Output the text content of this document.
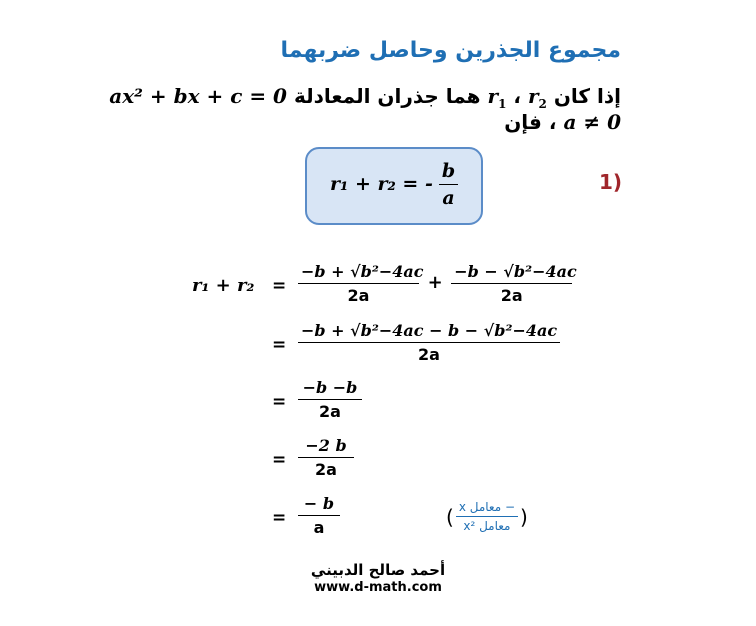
مجموع الجذرين وحاصل ضربهما
إذا كان $r_1$ ، $r_2$ هما جذران المعادلة ax² + bx + c = 0
a ≠ 0 ، فإن
r₁ + r₂ = - $\frac{b}{a}$	(1
$r_1 + r_2 = \frac{\text{−b + √b²−4ac}}{2a} + \frac{\text{−b − √b²−4ac}}{2a}$
= $\frac{\text{−b + √b²−4ac − b − √b²−4ac}}{2a}$
= $\frac{-b -b}{2a}$
= $\frac{-2 b}{2a}$
= $\frac{- b}{a}$	( $\frac{\text{− معامل x}}{\text{معامل x²}}$ )
أحمد صالح الدبيني
www.d-math.com
